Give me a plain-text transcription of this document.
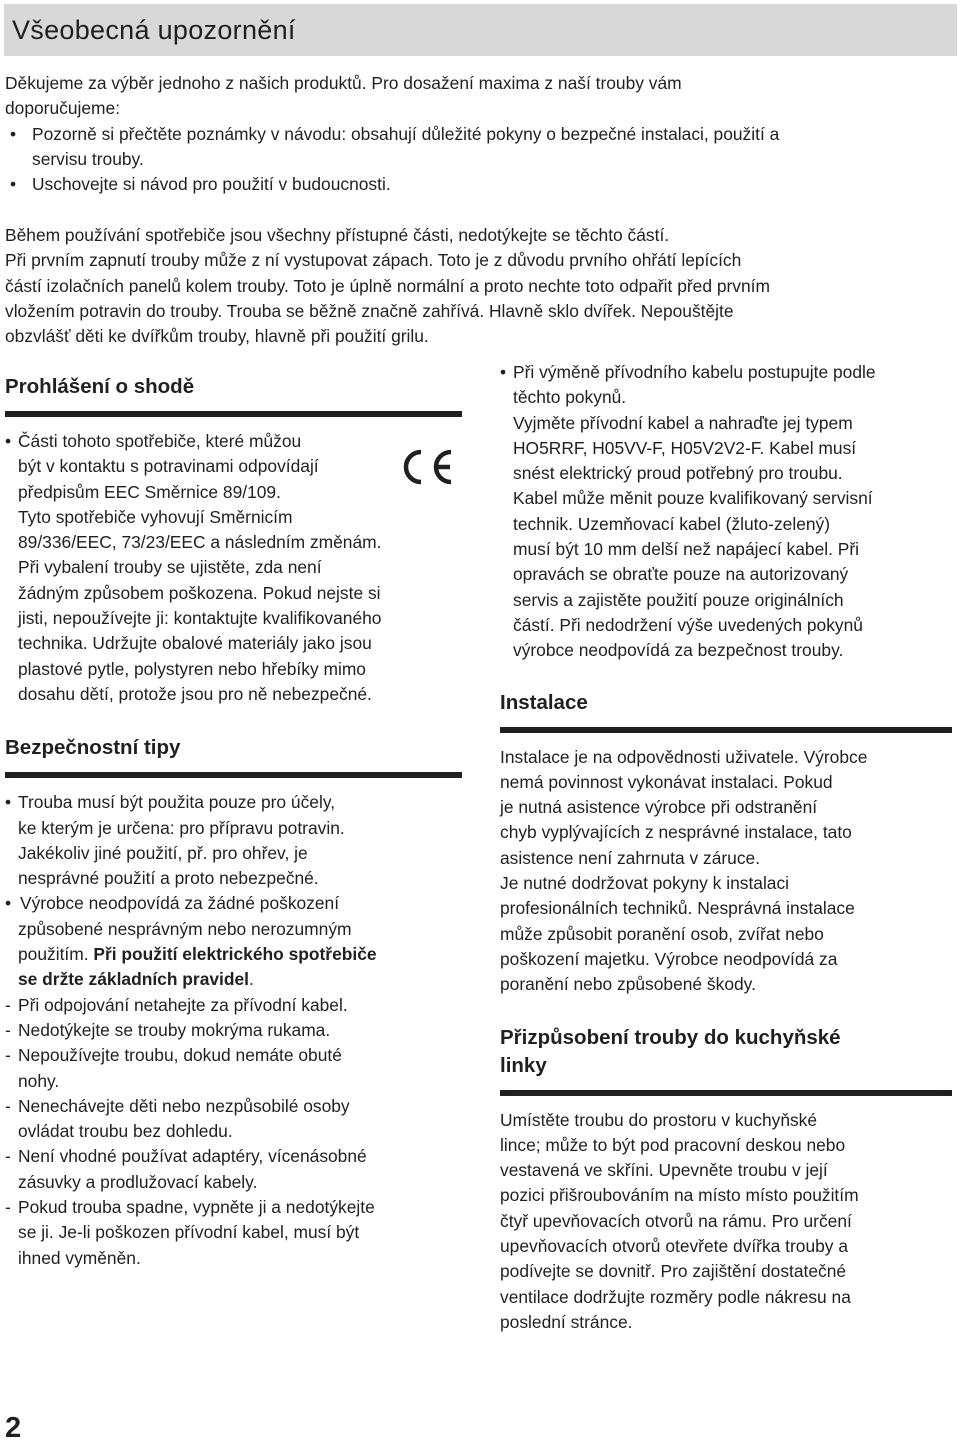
Všeobecná upozornění
Děkujeme za výběr jednoho z našich produktů. Pro dosažení maxima z naší trouby vám
doporučujeme:
• Pozorně si přečtěte poznámky v návodu: obsahují důležité pokyny o bezpečné instalaci, použití a
servisu trouby.
• Uschovejte si návod pro použití v budoucnosti.
Během používání spotřebiče jsou všechny přístupné části, nedotýkejte se těchto částí.
Při prvním zapnutí trouby může z ní vystupovat zápach. Toto je z důvodu prvního ohřátí lepících
částí izolačních panelů kolem trouby. Toto je úplně normální a proto nechte toto odpařit před prvním
vložením potravin do trouby. Trouba se běžně značně zahřívá. Hlavně sklo dvířek. Nepouštějte
obzvlášť děti ke dvířkům trouby, hlavně při použití grilu.
Prohlášení o shodě
• Části tohoto spotřebiče, které můžou
být v kontaktu s potravinami odpovídají
předpisům EEC Směrnice 89/109.
Tyto spotřebiče vyhovují Směrnicím
89/336/EEC, 73/23/EEC a následním změnám.
Při vybalení trouby se ujistěte, zda není
žádným způsobem poškozena. Pokud nejste si
jisti, nepoužívejte ji: kontaktujte kvalifikovaného
technika. Udržujte obalové materiály jako jsou
plastové pytle, polystyren nebo hřebíky mimo
dosahu dětí, protože jsou pro ně nebezpečné.
Bezpečnostní tipy
• Trouba musí být použita pouze pro účely,
ke kterým je určena: pro přípravu potravin.
Jakékoliv jiné použití, př. pro ohřev, je
nesprávné použití a proto nebezpečné.
• Výrobce neodpovídá za žádné poškození
způsobené nesprávným nebo nerozumným
použitím. Při použití elektrického spotřebiče
se držte základních pravidel.
- Při odpojování netahejte za přívodní kabel.
- Nedotýkejte se trouby mokrýma rukama.
- Nepoužívejte troubu, dokud nemáte obuté
nohy.
- Nenechávejte děti nebo nezpůsobilé osoby
ovládat troubu bez dohledu.
- Není vhodné používat adaptéry, vícenásobné
zásuvky a prodlužovací kabely.
- Pokud trouba spadne, vypněte ji a nedotýkejte
se ji. Je-li poškozen přívodní kabel, musí být
ihned vyměněn.
• Při výměně přívodního kabelu postupujte podle
těchto pokynů.
Vyjměte přívodní kabel a nahraďte jej typem
HO5RRF, H05VV-F, H05V2V2-F. Kabel musí
snést elektrický proud potřebný pro troubu.
Kabel může měnit pouze kvalifikovaný servisní
technik. Uzemňovací kabel (žluto-zelený)
musí být 10 mm delší než napájecí kabel. Při
opravách se obraťte pouze na autorizovaný
servis a zajistěte použití pouze originálních
částí. Při nedodržení výše uvedených pokynů
výrobce neodpovídá za bezpečnost trouby.
Instalace
Instalace je na odpovědnosti uživatele. Výrobce
nemá povinnost vykonávat instalaci. Pokud
je nutná asistence výrobce při odstranění
chyb vyplývajících z nesprávné instalace, tato
asistence není zahrnuta v záruce.
Je nutné dodržovat pokyny k instalaci
profesionálních techniků. Nesprávná instalace
může způsobit poranění osob, zvířat nebo
poškození majetku. Výrobce neodpovídá za
poranění nebo způsobené škody.
Přizpůsobení trouby do kuchyňské
linky
Umístěte troubu do prostoru v kuchyňské
lince; může to být pod pracovní deskou nebo
vestavená ve skříni. Upevněte troubu v její
pozici přišroubováním na místo místo použitím
čtyř upevňovacích otvorů na rámu. Pro určení
upevňovacích otvorů otevřete dvířka trouby a
podívejte se dovnitř. Pro zajištění dostatečné
ventilace dodržujte rozměry podle nákresu na
poslední stránce.
2
